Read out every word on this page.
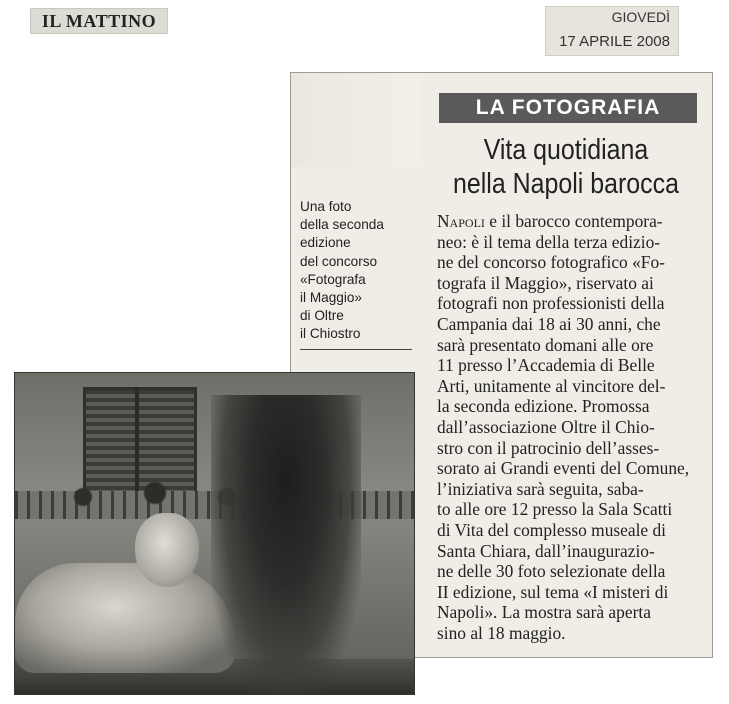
IL MATTINO	GIOVEDÌ
17 APRILE 2008
LA FOTOGRAFIA
Vita quotidiana
nella Napoli barocca
Napoli e il barocco contempora-
neo: è il tema della terza edizio-
ne del concorso fotografico «Fo-
tografa il Maggio», riservato ai
fotografi non professionisti della
Campania dai 18 ai 30 anni, che
sarà presentato domani alle ore
11 presso l’Accademia di Belle
Arti, unitamente al vincitore del-
la seconda edizione. Promossa
dall’associazione Oltre il Chio-
stro con il patrocinio dell’asses-
sorato ai Grandi eventi del Comune,
l’iniziativa sarà seguita, saba-
to alle ore 12 presso la Sala Scatti
di Vita del complesso museale di
Santa Chiara, dall’inaugurazio-
ne delle 30 foto selezionate della
II edizione, sul tema «I misteri di
Napoli». La mostra sarà aperta
sino al 18 maggio.
Una foto
della seconda
edizione
del concorso
«Fotografa
il Maggio»
di Oltre
il Chiostro
